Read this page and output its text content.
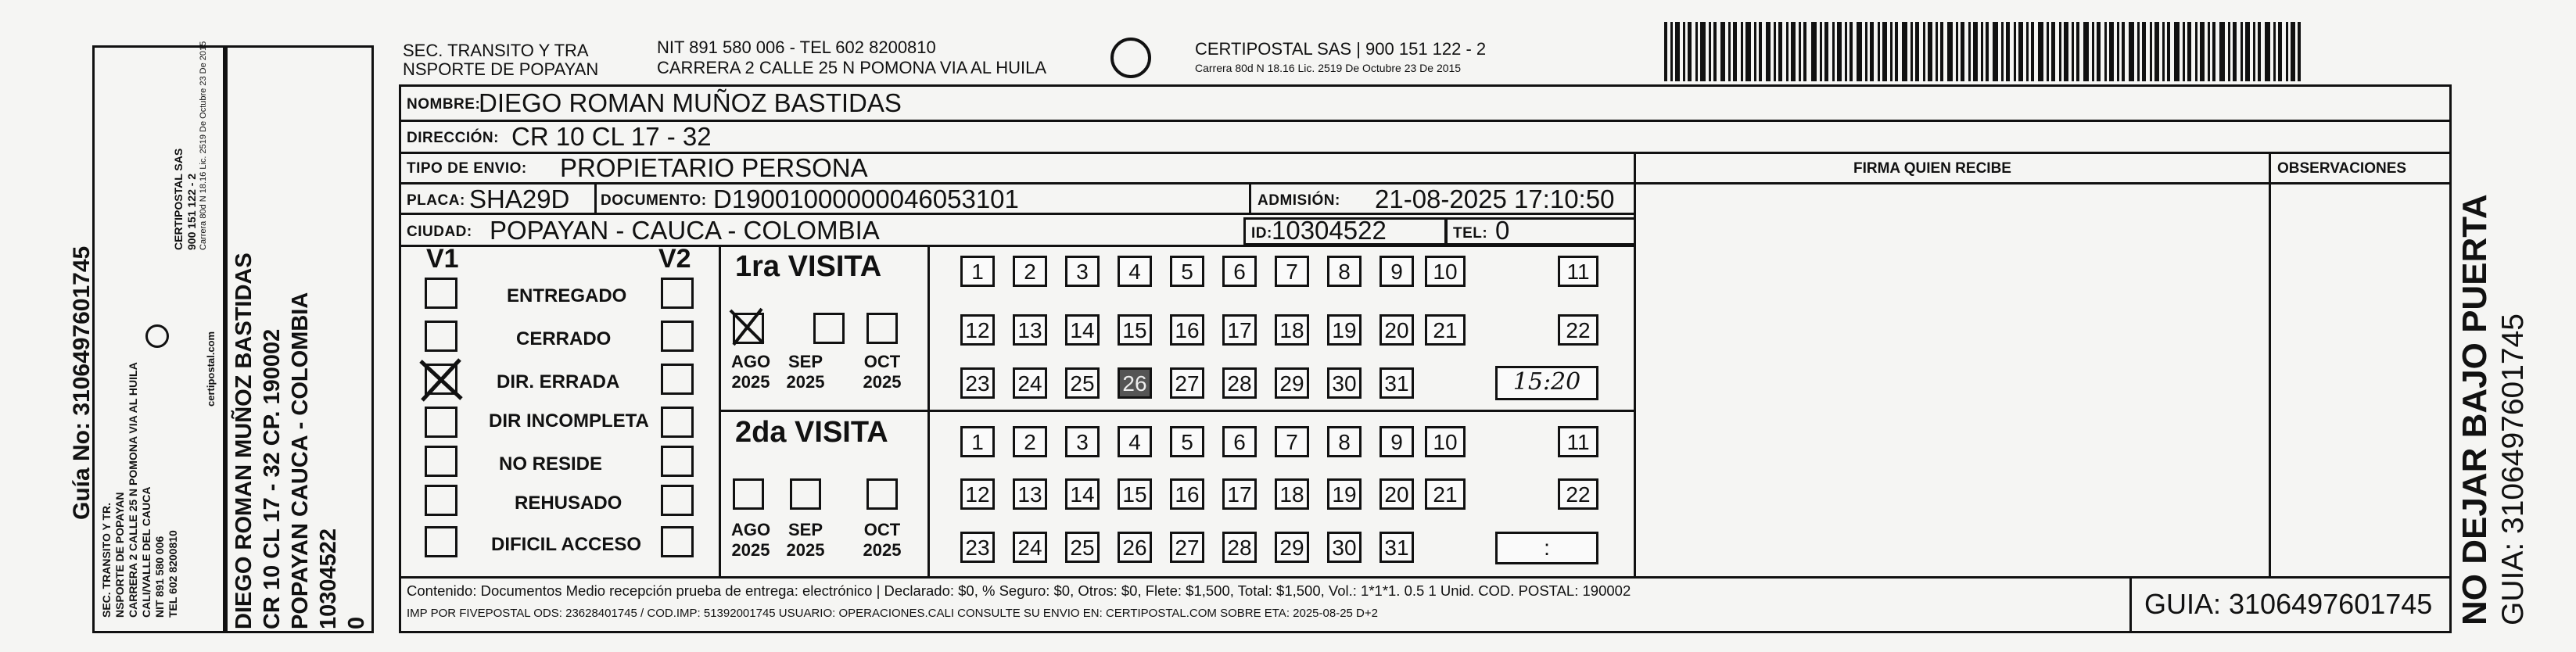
Guía No: 3106497601745
SEC. TRANSITO Y TR. NSPORTE DE POPAYAN CARRERA 2 CALLE 25 N POMONA VIA AL HUILA CALI/VALLE DEL CAUCA NIT 891 580 006 TEL 602 8200810
CERTIPOSTAL SAS 900 151 122 - 2 Carrera 80d N 18.16 Lic. 2519 De Octubre 23 De 2015
certipostal.com DIEGO ROMAN MUÑOZ BASTIDAS CR 10 CL 17 - 32 CP. 190002 POPAYAN CAUCA - COLOMBIA 10304522 0
SEC. TRANSITO Y TRA
NSPORTE DE POPAYAN
NIT 891 580 006 - TEL 602 8200810
CARRERA 2 CALLE 25 N POMONA VIA AL HUILA
CERTIPOSTAL SAS | 900 151 122 - 2
Carrera 80d N 18.16 Lic. 2519 De Octubre 23 De 2015
NOMBRE:
DIEGO ROMAN MUÑOZ BASTIDAS
DIRECCIÓN: CR 10 CL 17 - 32
TIPO DE ENVIO: PROPIETARIO PERSONA
PLACA: SHA29D DOCUMENTO: D19001000000046053101	ADMISIÓN: 21-08-2025 17:10:50
CIUDAD: POPAYAN - CAUCA - COLOMBIA	ID: 10304522	TEL: 0
FIRMA QUIEN RECIBE	OBSERVACIONES
V1	V2
ENTREGADO
CERRADO
DIR. ERRADA
DIR INCOMPLETA
NO RESIDE
REHUSADO
DIFICIL ACCESO
1ra VISITA
AGO
2025
SEP
2025
OCT
2025
1	2	3	4	5	6	7	8	9	10	11
12 13 14 15 16 17 18 19 20	21	22
23 24 25 26 27 28 29 30 31	15:20
2da VISITA
AGO
2025
SEP
2025
OCT
2025
1	2	3	4	5	6	7	8	9	10	11
12 13 14 15 16 17 18 19 20	21	22
23 24 25 26 27 28 29 30 31	:
Contenido: Documentos Medio recepción prueba de entrega: electrónico | Declarado: $0, % Seguro: $0, Otros: $0, Flete: $1,500, Total: $1,500, Vol.: 1*1*1. 0.5 1 Unid. COD. POSTAL: 190002
IMP POR FIVEPOSTAL ODS: 23628401745 / COD.IMP: 51392001745 USUARIO: OPERACIONES.CALI CONSULTE SU ENVIO EN: CERTIPOSTAL.COM SOBRE ETA: 2025-08-25 D+2	GUIA: 3106497601745 NO DEJAR BAJO PUERTA GUIA: 3106497601745
